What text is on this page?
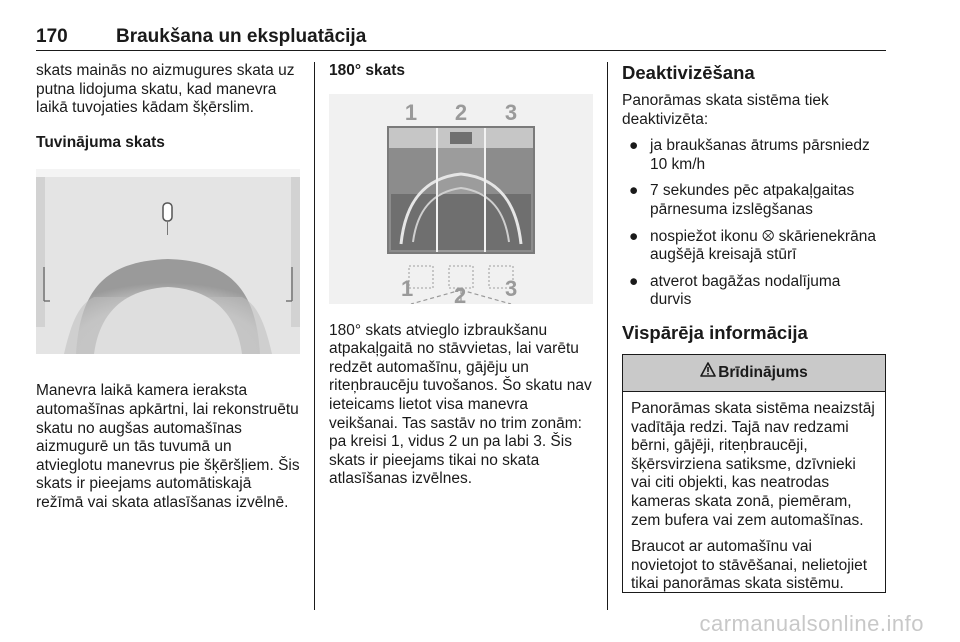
170	Braukšana un ekspluatācija

skats mainās no aizmugures skata uz putna lidojuma skatu, kad manevra laikā tuvojaties kādam šķērslim.

Tuvinājuma skats

Manevra laikā kamera ieraksta automašīnas apkārtni, lai rekonstruētu skatu no augšas automašīnas aizmugurē un tās tuvumā un atvieglotu manevrus pie šķēršļiem. Šis skats ir pieejams automātiskajā režīmā vai skata atlasīšanas izvēlnē.

180° skats

1 2 3
1 2 3

180° skats atvieglo izbraukšanu atpakaļgaitā no stāvvietas, lai varētu redzēt automašīnu, gājēju un riteņbraucēju tuvošanos. Šo skatu nav ieteicams lietot visa manevra veikšanai. Tas sastāv no trim zonām: pa kreisi 1, vidus 2 un pa labi 3. Šis skats ir pieejams tikai no skata atlasīšanas izvēlnes.

Deaktivizēšana

Panorāmas skata sistēma tiek deaktivizēta:

● ja braukšanas ātrums pārsniedz 10 km/h
● 7 sekundes pēc atpakaļgaitas pārnesuma izslēgšanas
● nospiežot ikonu ⮾ skārienekrāna augšējā kreisajā stūrī
● atverot bagāžas nodalījuma durvis

Vispārēja informācija

Brīdinājums

Panorāmas skata sistēma neaizstāj vadītāja redzi. Tajā nav redzami bērni, gājēji, riteņbraucēji, šķērsvirziena satiksme, dzīvnieki vai citi objekti, kas neatrodas kameras skata zonā, piemēram, zem bufera vai zem automašīnas.

Braucot ar automašīnu vai novietojot to stāvēšanai, nelietojiet tikai panorāmas skata sistēmu.

carmanualsonline.info
